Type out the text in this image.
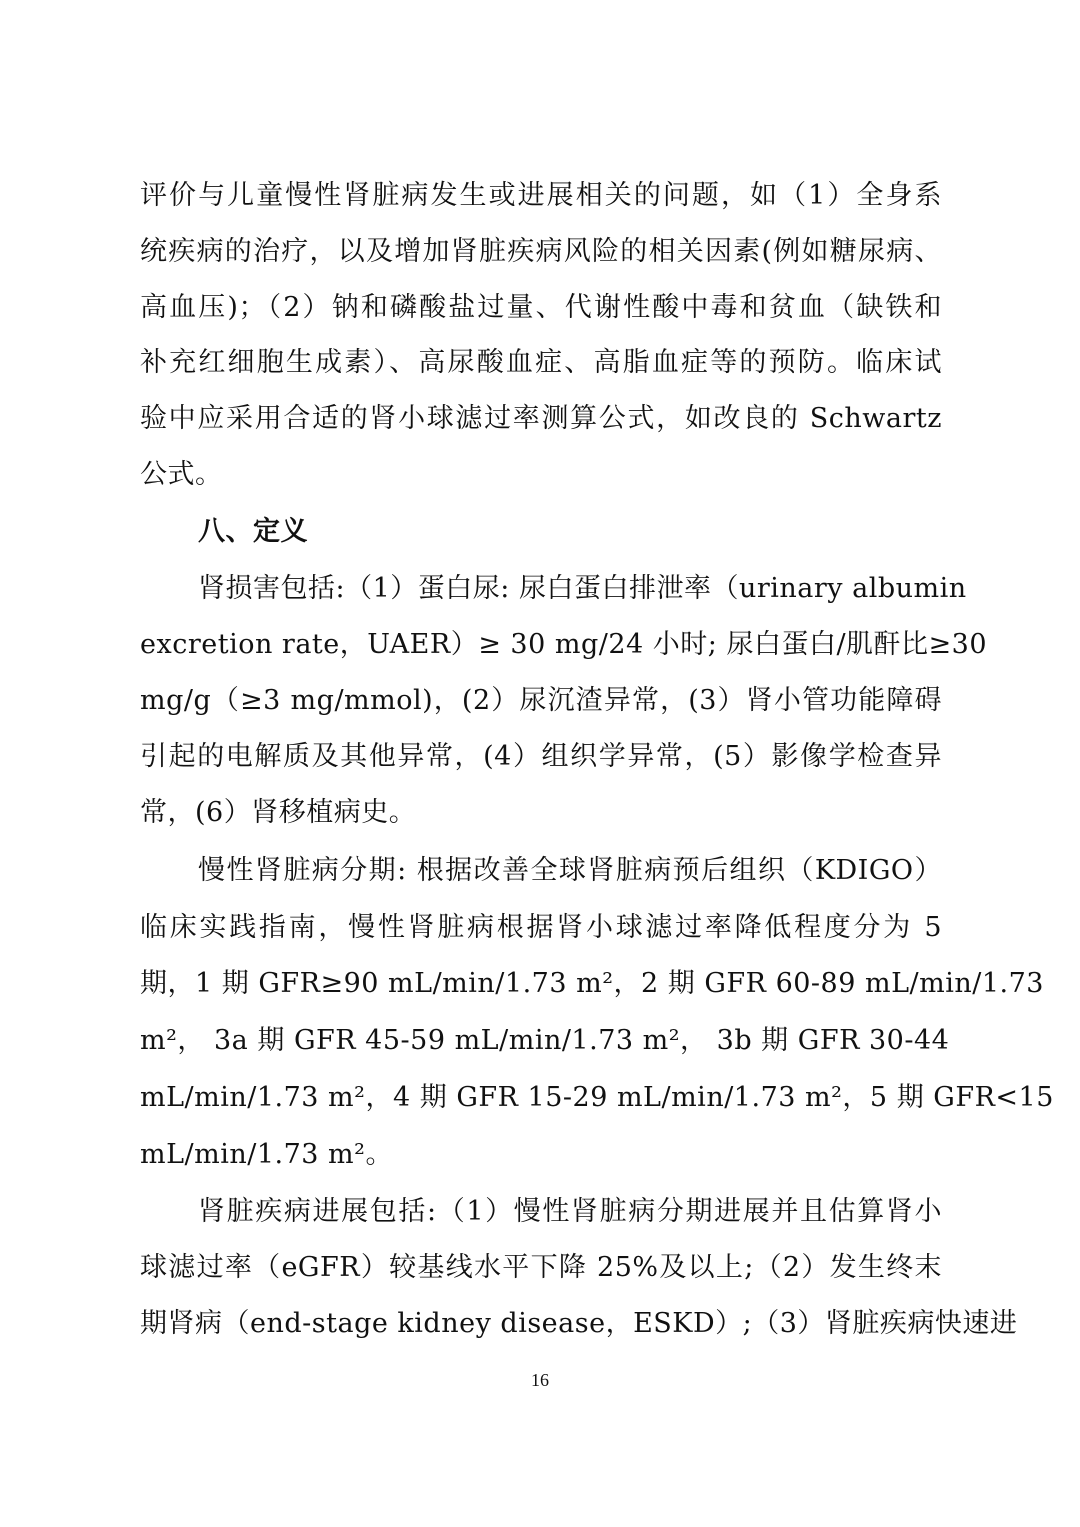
评价与儿童慢性肾脏病发生或进展相关的问题，如（1）全身系
统疾病的治疗，以及增加肾脏疾病风险的相关因素(例如糖尿病、
高血压)；（2）钠和磷酸盐过量、代谢性酸中毒和贫血（缺铁和
补充红细胞生成素）、高尿酸血症、高脂血症等的预防。临床试
验中应采用合适的肾小球滤过率测算公式，如改良的 Schwartz
公式。
八、定义
肾损害包括:（1）蛋白尿: 尿白蛋白排泄率（urinary albumin
excretion rate，UAER）≥ 30 mg/24 小时; 尿白蛋白/肌酐比≥30
mg/g（≥3 mg/mmol)，(2）尿沉渣异常，(3）肾小管功能障碍
引起的电解质及其他异常，(4）组织学异常，(5）影像学检查异
常，(6）肾移植病史。
慢性肾脏病分期: 根据改善全球肾脏病预后组织（KDIGO）
临床实践指南，慢性肾脏病根据肾小球滤过率降低程度分为 5
期，1 期 GFR≥90 mL/min/1.73 m²，2 期 GFR 60-89 mL/min/1.73
m²， 3a 期 GFR 45-59 mL/min/1.73 m²， 3b 期 GFR 30-44
mL/min/1.73 m²，4 期 GFR 15-29 mL/min/1.73 m²，5 期 GFR<15
mL/min/1.73 m²。
肾脏疾病进展包括:（1）慢性肾脏病分期进展并且估算肾小
球滤过率（eGFR）较基线水平下降 25%及以上;（2）发生终末
期肾病（end-stage kidney disease，ESKD）;（3）肾脏疾病快速进
16
